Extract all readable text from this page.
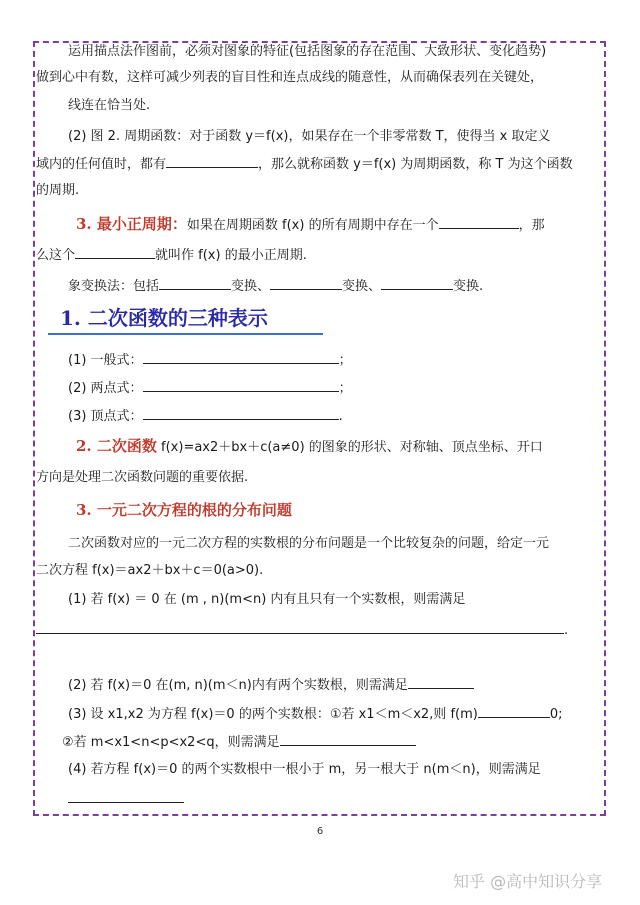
运用描点法作图前，必须对图象的特征(包括图象的存在范围、大致形状、变化趋势)
做到心中有数，这样可减少列表的盲目性和连点成线的随意性，从而确保表列在关键处，
线连在恰当处.
(2) 图 2. 周期函数：对于函数 y＝f(x)，如果存在一个非零常数 T，使得当 x 取定义
域内的任何值时，都有	，那么就称函数 y＝f(x) 为周期函数，称 T 为这个函数
的周期.
3. 最小正周期：如果在周期函数 f(x) 的所有周期中存在一个	，那
么这个	就叫作 f(x) 的最小正周期.
象变换法：包括	变换、	变换、	变换.
1. 二次函数的三种表示
(1) 一般式：	；
(2) 两点式：	；
(3) 顶点式：	.
2. 二次函数 f(x)=ax2＋bx＋c(a≠0) 的图象的形状、对称轴、顶点坐标、开口
方向是处理二次函数问题的重要依据.
3. 一元二次方程的根的分布问题
二次函数对应的一元二次方程的实数根的分布问题是一个比较复杂的问题，给定一元
二次方程 f(x)＝ax2＋bx＋c＝0(a>0).
(1) 若 f(x) ＝ 0 在 (m , n)(m<n) 内有且只有一个实数根，则需满足
.
(2) 若 f(x)＝0 在(m, n)(m＜n)内有两个实数根，则需满足
(3) 设 x1,x2 为方程 f(x)＝0 的两个实数根：①若 x1＜m＜x2,则 f(m)	0;
②若 m<x1<n<p<x2<q，则需满足
(4) 若方程 f(x)＝0 的两个实数根中一根小于 m，另一根大于 n(m＜n)，则需满足
6
知乎 @高中知识分享
